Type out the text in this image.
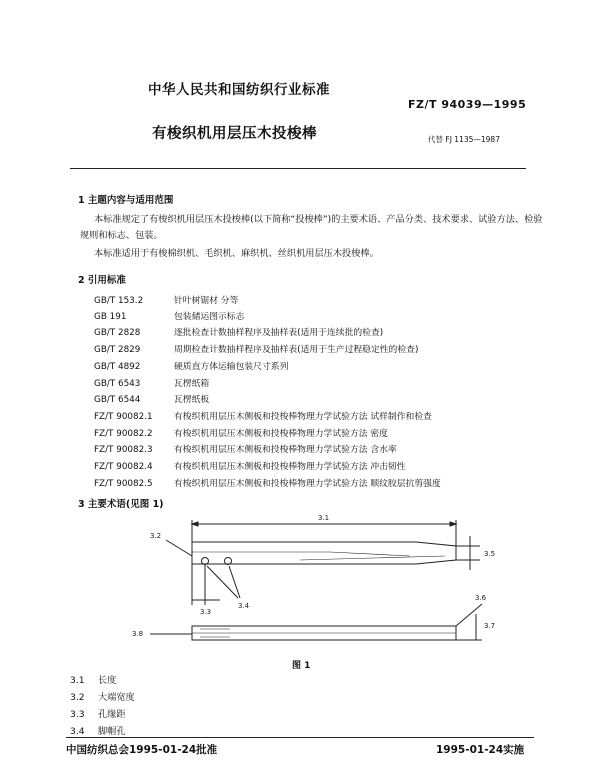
中华人民共和国纺织行业标准
FZ/T 94039—1995
有梭织机用层压木投梭棒	代替 FJ 1135—1987
1 主题内容与适用范围
本标准规定了有梭织机用层压木投梭棒(以下简称“投梭棒”)的主要术语、产品分类、技术要求、试验方法、检验规则和标志、包装。
本标准适用于有梭棉织机、毛织机、麻织机、丝织机用层压木投梭棒。
2 引用标准
GB/T 153.2	针叶树锯材 分等
GB 191	包装储运图示标志
GB/T 2828	逐批检查计数抽样程序及抽样表(适用于连续批的检查)
GB/T 2829	周期检查计数抽样程序及抽样表(适用于生产过程稳定性的检查)
GB/T 4892	硬质直方体运输包装尺寸系列
GB/T 6543	瓦楞纸箱
GB/T 6544	瓦楞纸板
FZ/T 90082.1 有梭织机用层压木侧板和投梭棒物理力学试验方法 试样制作和检查
FZ/T 90082.2 有梭织机用层压木侧板和投梭棒物理力学试验方法 密度
FZ/T 90082.3 有梭织机用层压木侧板和投梭棒物理力学试验方法 含水率
FZ/T 90082.4 有梭织机用层压木侧板和投梭棒物理力学试验方法 冲击韧性
FZ/T 90082.5 有梭织机用层压木侧板和投梭棒物理力学试验方法 顺纹胶层抗剪强度
3 主要术语(见图 1)
3.1
3.2
3.3
3.4
3.5
3.6
3.7
3.8
图 1
3.1 长度
3.2 大端宽度
3.3 孔缘距
3.4 脚帽孔
中国纺织总会1995-01-24批准	1995-01-24实施
